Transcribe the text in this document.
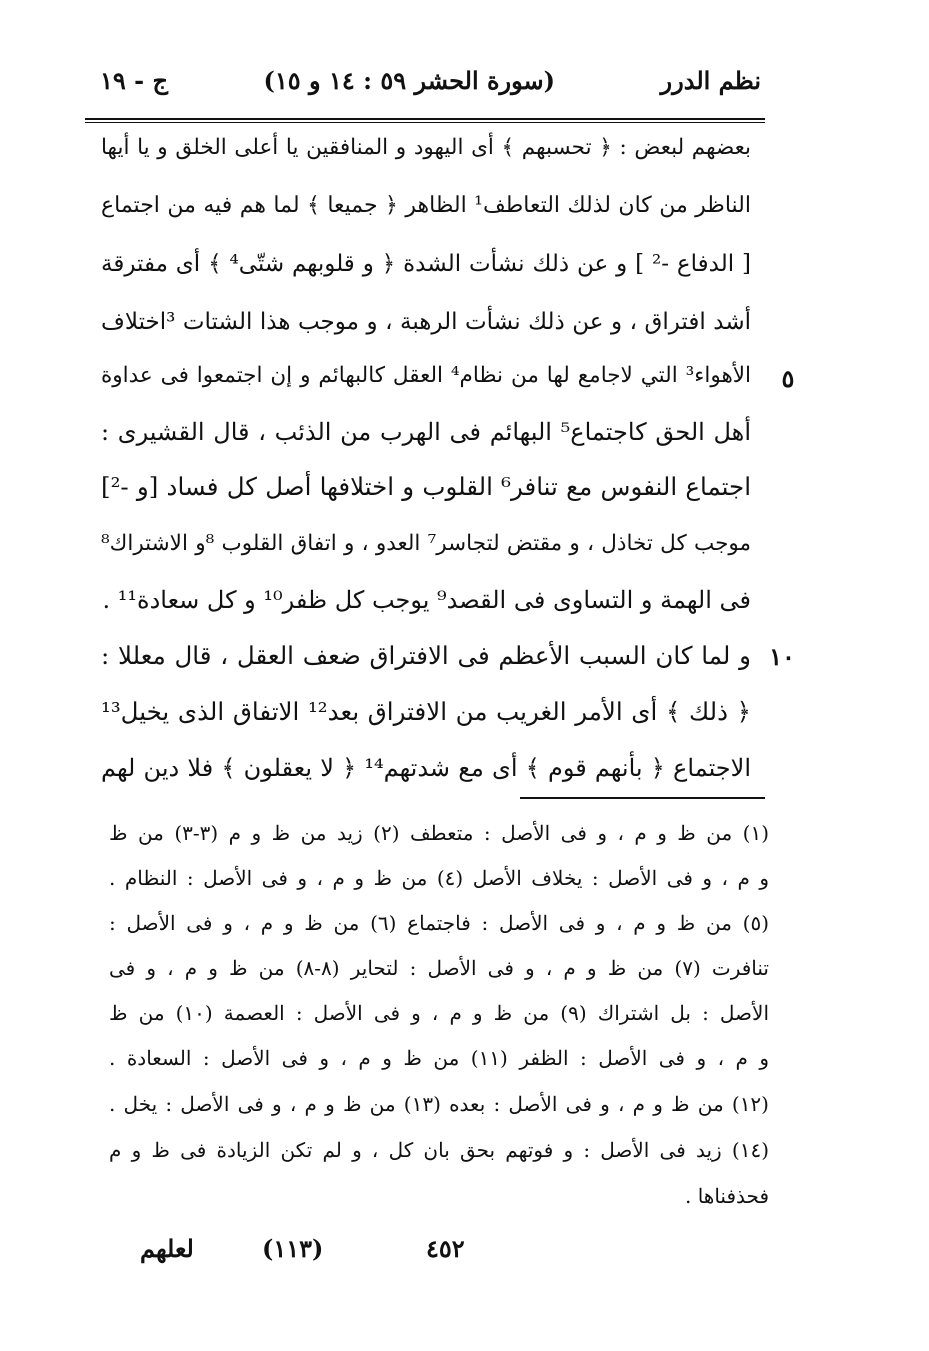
نظم الدرر
(سورة الحشر ٥٩ : ١٤ و ١٥)
ج - ١٩
بعضهم لبعض : ﴿ تحسبهم ﴾ أى اليهود و المنافقين يا أعلى الخلق و يا أيها
الناظر من كان لذلك التعاطف¹ الظاهر ﴿ جميعا ﴾ لما هم فيه من اجتماع
[ الدفاع -² ] و عن ذلك نشأت الشدة ﴿ و قلوبهم شتّى⁴ ﴾ أى مفترقة
أشد افتراق ، و عن ذلك نشأت الرهبة ، و موجب هذا الشتات ³اختلاف
الأهواء³ التي لاجامع لها من نظام⁴ العقل كالبهائم و إن اجتمعوا فى عداوة
أهل الحق كاجتماع⁵ البهائم فى الهرب من الذئب ، قال القشيرى :
اجتماع النفوس مع تنافر⁶ القلوب و اختلافها أصل كل فساد [و -²]
موجب كل تخاذل ، و مقتض لتجاسر⁷ العدو ، و اتفاق القلوب ⁸و الاشتراك⁸
فى الهمة و التساوى فى القصد⁹ يوجب كل ظفر¹⁰ و كل سعادة¹¹ .
و لما كان السبب الأعظم فى الافتراق ضعف العقل ، قال معللا :
﴿ ذلك ﴾ أى الأمر الغريب من الافتراق بعد¹² الاتفاق الذى يخيل¹³
الاجتماع ﴿ بأنهم قوم ﴾ أى مع شدتهم¹⁴ ﴿ لا يعقلون ﴾ فلا دين لهم
٥
١٠
(١) من ظ و م ، و فى الأصل : متعطف (٢) زيد من ظ و م (٣-٣) من ظ
و م ، و فى الأصل : يخلاف الأصل (٤) من ظ و م ، و فى الأصل : النظام .
(٥) من ظ و م ، و فى الأصل : فاجتماع (٦) من ظ و م ، و فى الأصل :
تنافرت (٧) من ظ و م ، و فى الأصل : لتحاير (٨-٨) من ظ و م ، و فى
الأصل : بل اشتراك (٩) من ظ و م ، و فى الأصل : العصمة (١٠) من ظ
و م ، و فى الأصل : الظفر (١١) من ظ و م ، و فى الأصل : السعادة .
(١٢) من ظ و م ، و فى الأصل : بعده (١٣) من ظ و م ، و فى الأصل : يخل .
(١٤) زيد فى الأصل : و فوتهم بحق بان كل ، و لم تكن الزيادة فى ظ و م
فحذفناها .
لعلهم	(١١٣)	٤٥٢
